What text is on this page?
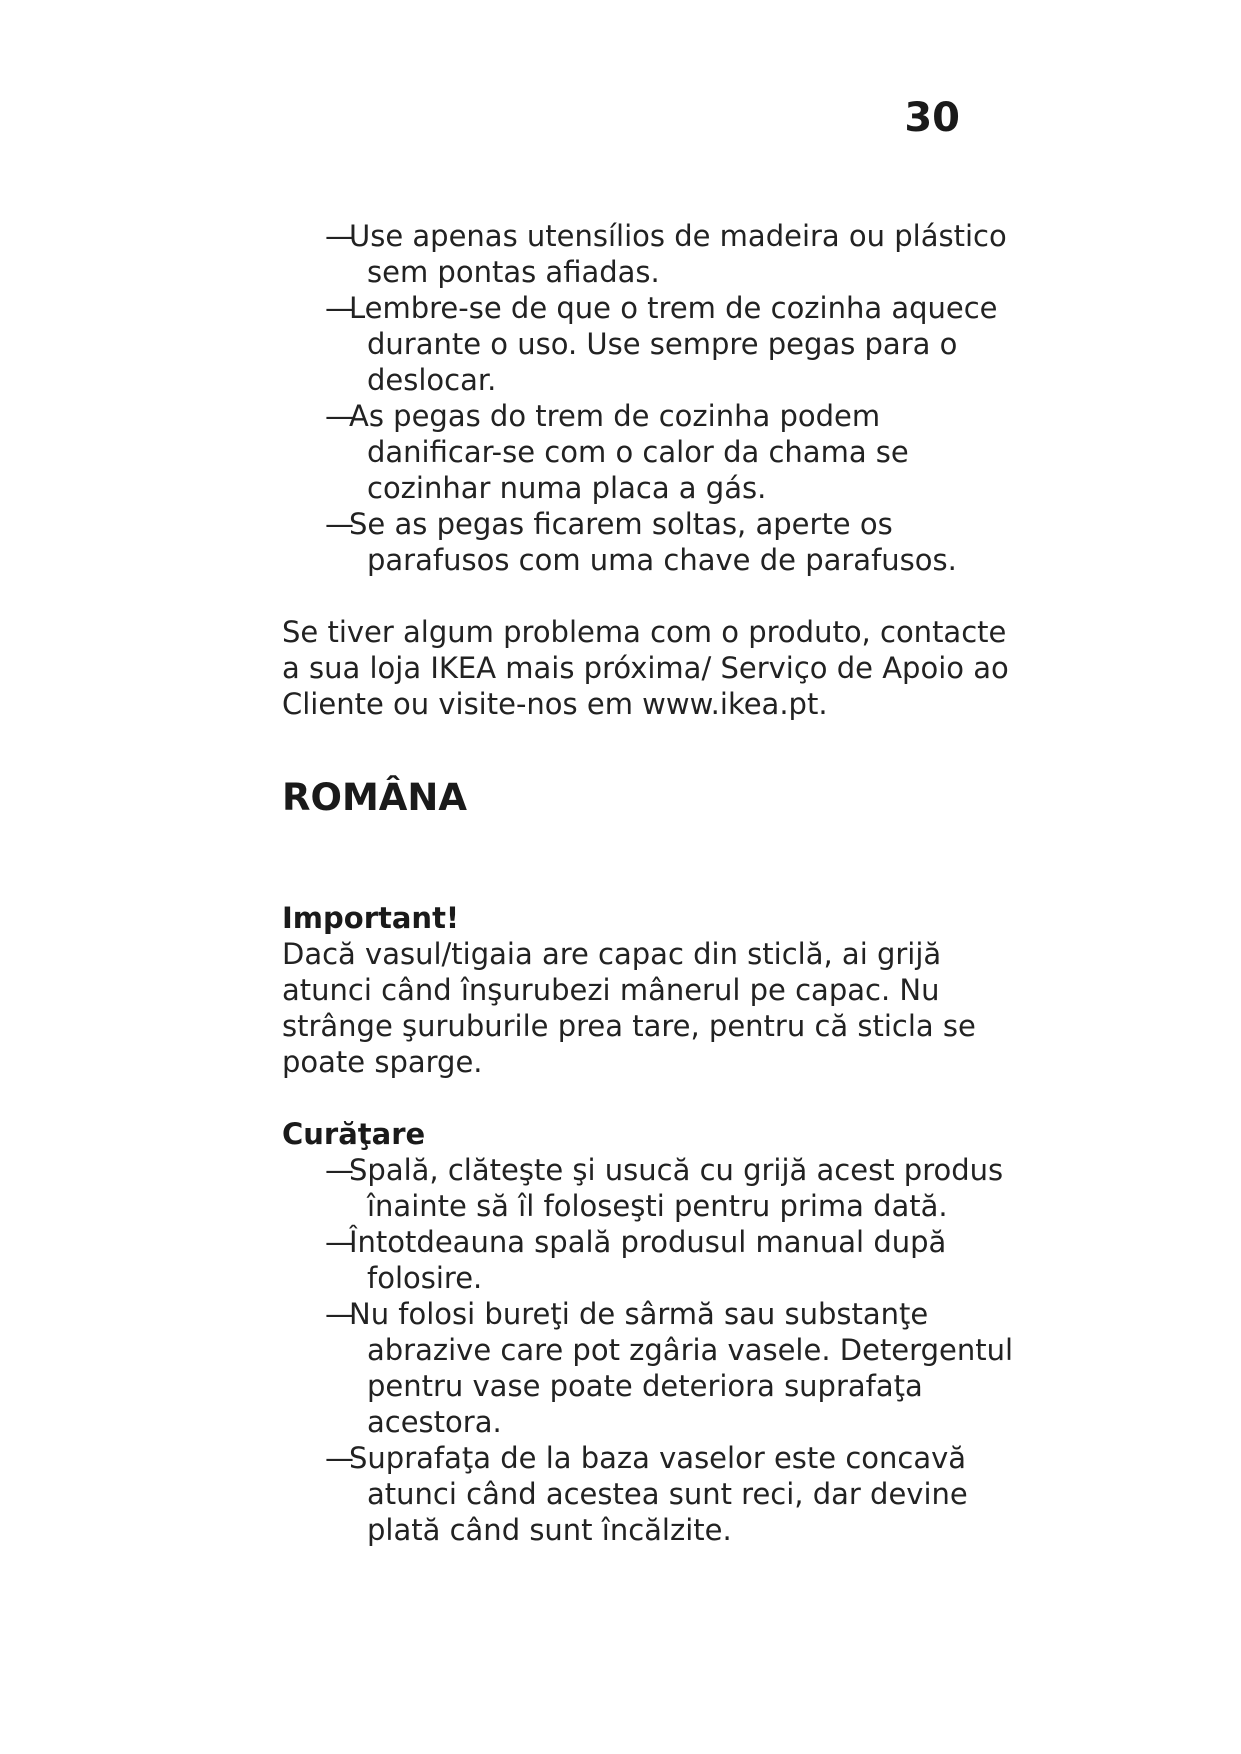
30
—
Use apenas utensílios de madeira ou plástico sem pontas afiadas.
—
Lembre-se de que o trem de cozinha aquece durante o uso. Use sempre pegas para o deslocar.
—
As pegas do trem de cozinha podem danificar-se com o calor da chama se cozinhar numa placa a gás.
—
Se as pegas ficarem soltas, aperte os parafusos com uma chave de parafusos.

Se tiver algum problema com o produto, contacte a sua loja IKEA mais próxima/ Serviço de Apoio ao Cliente ou visite-nos em www.ikea.pt.

ROMÂNA
Important!

Dacă vasul/tigaia are capac din sticlă, ai grijă atunci când înşurubezi mânerul pe capac. Nu strânge şuruburile prea tare, pentru că sticla se poate sparge.

Curăţare
—
Spală, clăteşte şi usucă cu grijă acest produs înainte să îl foloseşti pentru prima dată.
—
Întotdeauna spală produsul manual după folosire.
—
Nu folosi bureţi de sârmă sau substanţe abrazive care pot zgâria vasele. Detergentul pentru vase poate deteriora suprafaţa acestora.
—
Suprafaţa de la baza vaselor este concavă atunci când acestea sunt reci, dar devine plată când sunt încălzite.
